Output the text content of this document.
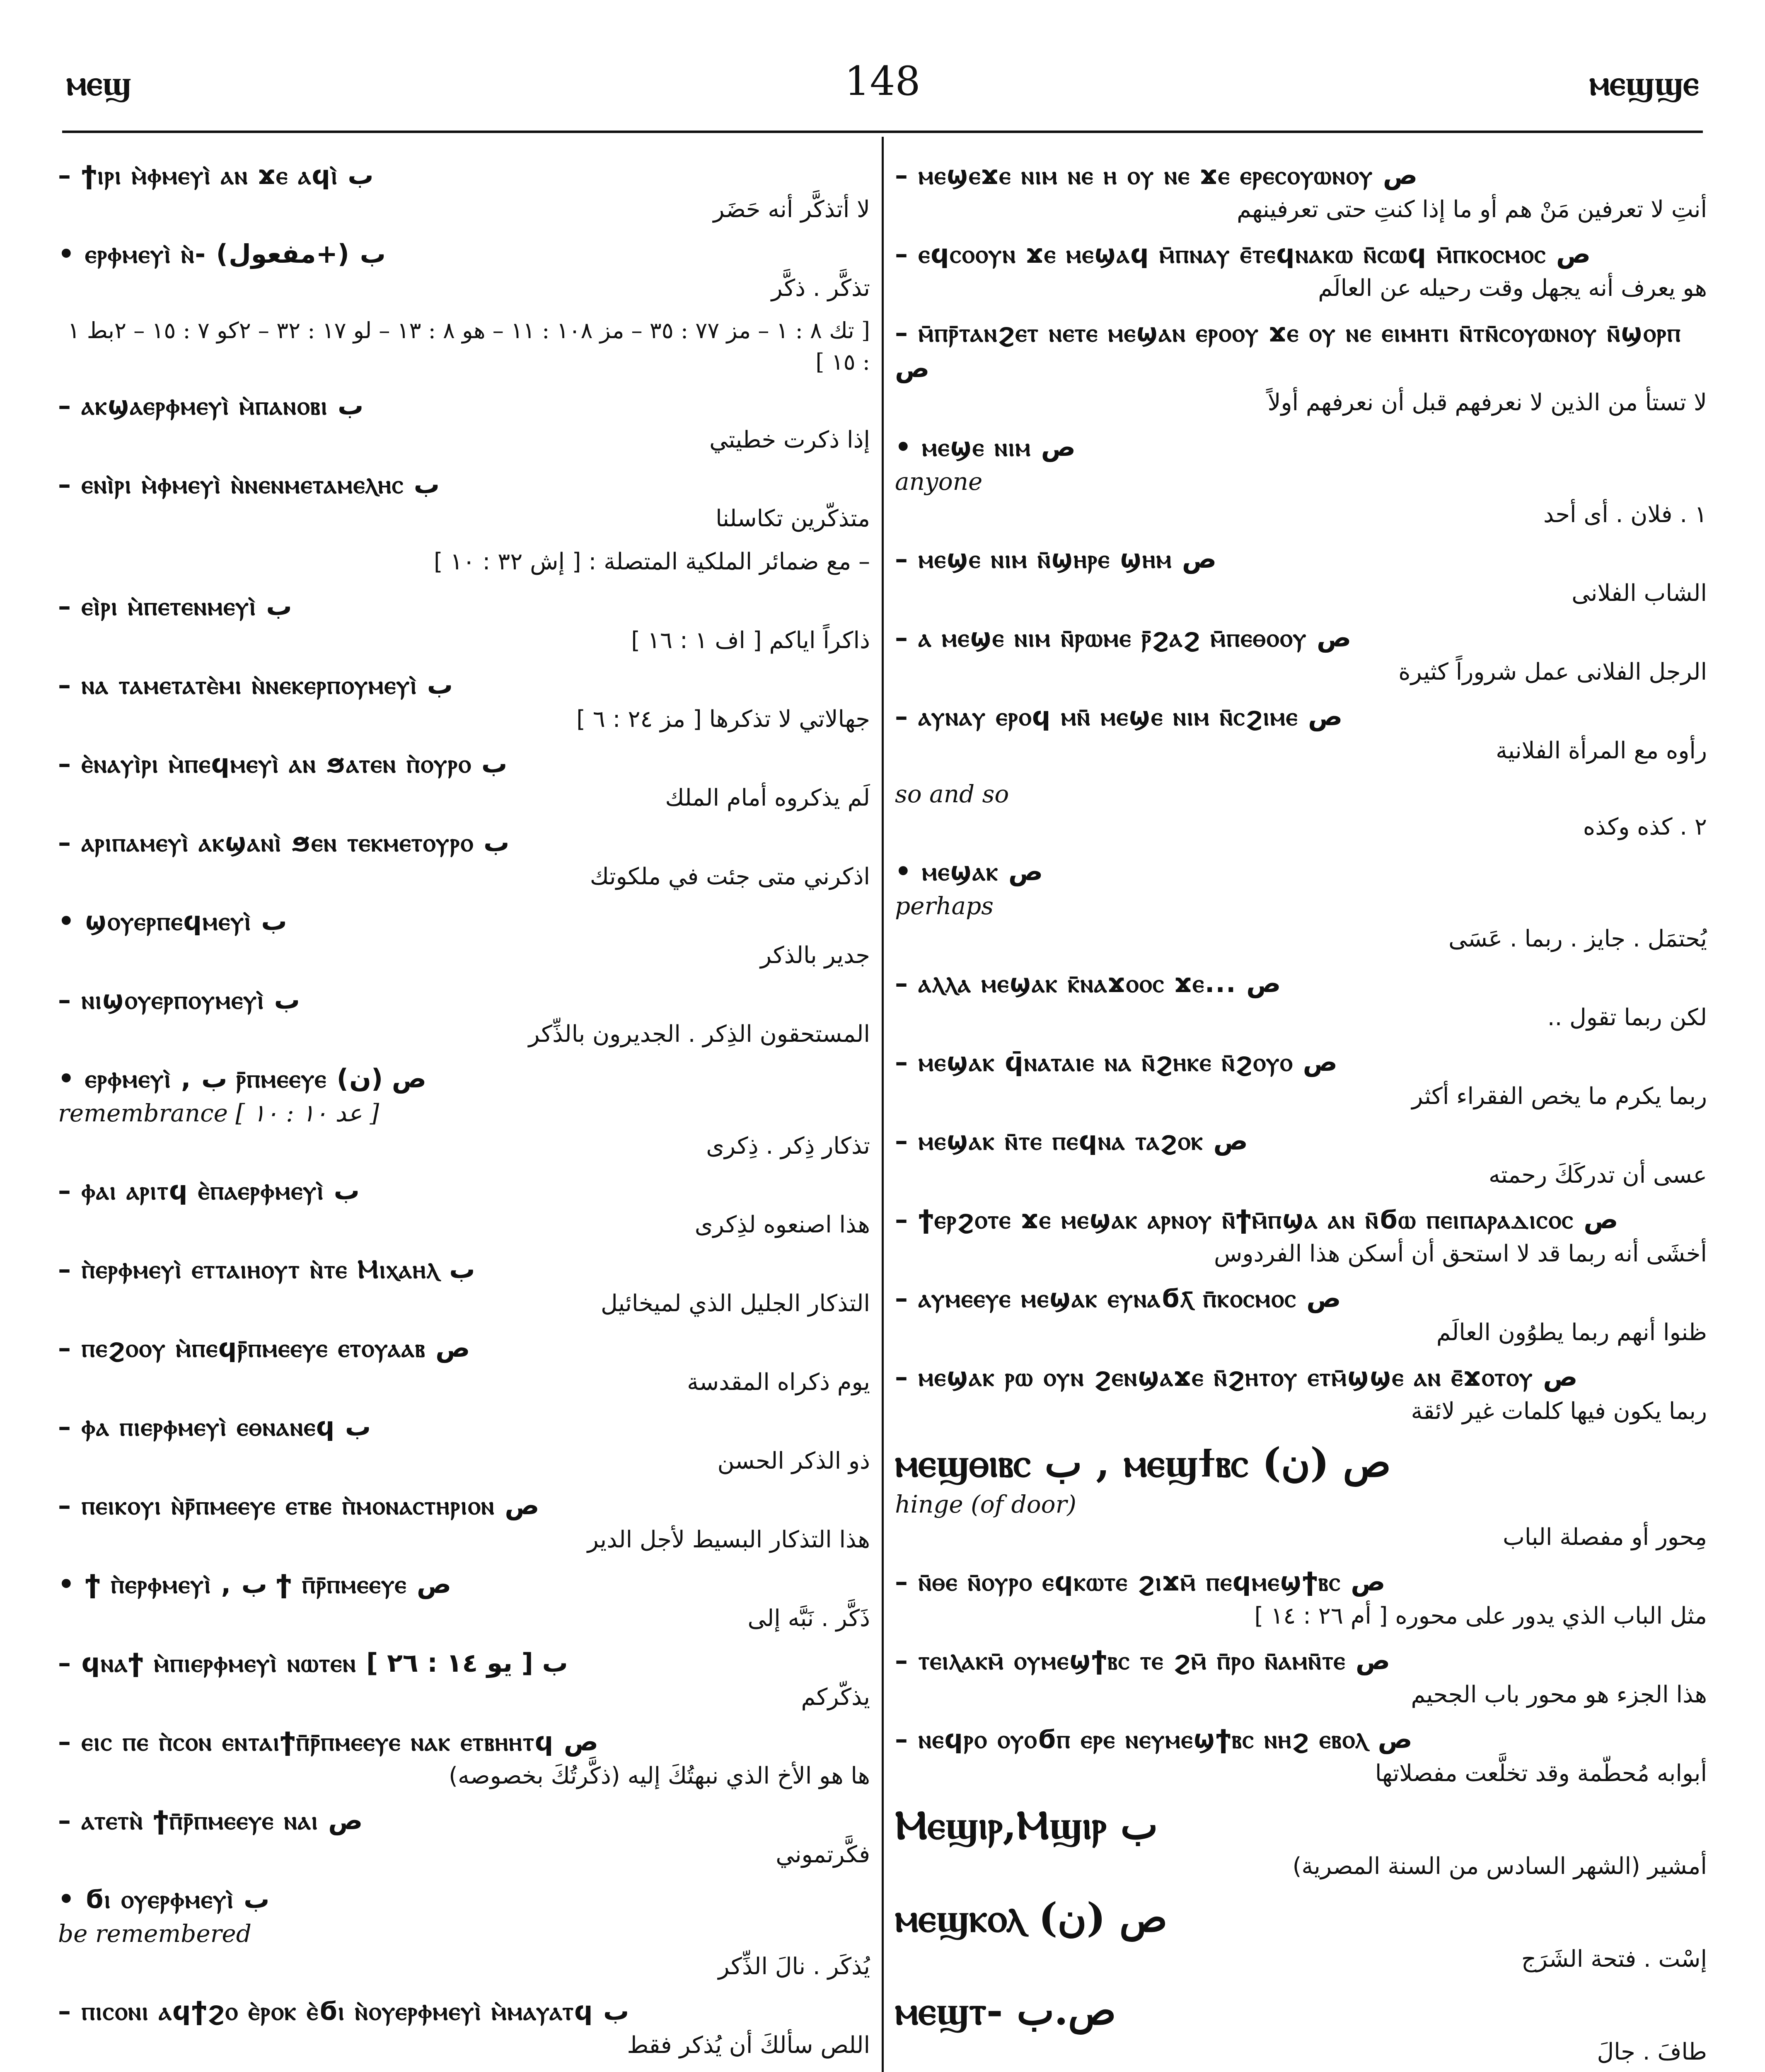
ⲙⲉϣ	148	ⲙⲉϣϣⲉ
– ϯⲓⲣⲓ ⲙ̀ⲫⲙⲉⲩⲓ̀ ⲁⲛ ϫⲉ ⲁϥⲓ̀ ب
لا أتذكَّر أنه حَضَر
• ⲉⲣⲫⲙⲉⲩⲓ̀ ⲛ̀- (مفعول+) ب
تذكَّر . ذكَّر
[ تك ٨ : ١ – مز ٧٧ : ٣٥ – مز ١٠٨ : ١١ – هو ٨ : ١٣ – لو ١٧ : ٣٢ – ٢كو ٧ : ١٥ – ٢بط ١ : ١٥ ]
– ⲁⲕϣⲁⲉⲣⲫⲙⲉⲩⲓ̀ ⲙ̀ⲡⲁⲛⲟⲃⲓ ب
إذا ذكرت خطيتي
– ⲉⲛⲓ̀ⲣⲓ ⲙ̀ⲫⲙⲉⲩⲓ̀ ⲛ̀ⲛⲉⲛⲙⲉⲧⲁⲙⲉⲗⲏⲥ ب
متذكّرين تكاسلنا
– مع ضمائر الملكية المتصلة : [ إش ٣٢ : ١٠ ]
– ⲉⲓ̀ⲣⲓ ⲙ̀ⲡⲉⲧⲉⲛⲙⲉⲩⲓ̀ ب
ذاكراً اياكم [ اف ١ : ١٦ ]
– ⲛⲁ ⲧⲁⲙⲉⲧⲁⲧⲉ̀ⲙⲓ ⲛ̀ⲛⲉⲕⲉⲣⲡⲟⲩⲙⲉⲩⲓ̀ ب
جهالاتي لا تذكرها [ مز ٢٤ : ٦ ]
– ⲉ̀ⲛⲁⲩⲓ̀ⲣⲓ ⲙ̀ⲡⲉϥⲙⲉⲩⲓ̀ ⲁⲛ ϧⲁⲧⲉⲛ ⲡ̀ⲟⲩⲣⲟ ب
لَم يذكروه أمام الملك
– ⲁⲣⲓⲡⲁⲙⲉⲩⲓ̀ ⲁⲕϣⲁⲛⲓ̀ ϧⲉⲛ ⲧⲉⲕⲙⲉⲧⲟⲩⲣⲟ ب
اذكرني متى جئت في ملكوتك
• ϣⲟⲩⲉⲣⲡⲉϥⲙⲉⲩⲓ̀ ب
جدير بالذكر
– ⲛⲓϣⲟⲩⲉⲣⲡⲟⲩⲙⲉⲩⲓ̀ ب
المستحقون الذِكر . الجديرون بالذِّكر
• ⲉⲣⲫⲙⲉⲩⲓ̀ , ب ⲣ̄ⲡⲙⲉⲉⲩⲉ (ص (ن
remembrance [ عد ١٠ : ١٠ ]
تذكار ذِكر . ذِكرى
– ⲫⲁⲓ ⲁⲣⲓⲧϥ ⲉ̀ⲡⲁⲉⲣⲫⲙⲉⲩⲓ̀ ب
هذا اصنعوه لذِكرى
– ⲡ̀ⲉⲣⲫⲙⲉⲩⲓ̀ ⲉⲧⲧⲁⲓⲏⲟⲩⲧ ⲛ̀ⲧⲉ Ⲙⲓⲭⲁⲏⲗ ب
التذكار الجليل الذي لميخائيل
– ⲡⲉϩⲟⲟⲩ ⲙ̀ⲡⲉϥⲣ̄ⲡⲙⲉⲉⲩⲉ ⲉⲧⲟⲩⲁⲁⲃ ص
يوم ذكراه المقدسة
– ⲫⲁ ⲡⲓⲉⲣⲫⲙⲉⲩⲓ̀ ⲉⲑⲛⲁⲛⲉϥ ب
ذو الذكر الحسن
– ⲡⲉⲓⲕⲟⲩⲓ ⲛ̀ⲣ̄ⲡⲙⲉⲉⲩⲉ ⲉⲧⲃⲉ ⲡ̀ⲙⲟⲛⲁⲥⲧⲏⲣⲓⲟⲛ ص
هذا التذكار البسيط لأجل الدير
• ϯ ⲡ̀ⲉⲣⲫⲙⲉⲩⲓ̀ , ب ϯ ⲡ̄ⲣ̄ⲡⲙⲉⲉⲩⲉ ص
ذَكَّر . نَبَّه إلى
– ϥⲛⲁϯ ⲙ̀ⲡⲓⲉⲣⲫⲙⲉⲩⲓ̀ ⲛⲱⲧⲉⲛ ب [ يو ١٤ : ٢٦ ]
يذكّركم
– ⲉⲓⲥ ⲡⲉ ⲡ̀ⲥⲟⲛ ⲉⲛⲧⲁⲓϯⲡ̄ⲣ̄ⲡⲙⲉⲉⲩⲉ ⲛⲁⲕ ⲉⲧⲃⲏⲏⲧϥ ص
ها هو الأخ الذي نبهتُكَ إليه (ذكَّرتُكَ بخصوصه)
– ⲁⲧⲉⲧⲛ̀ ϯⲡ̄ⲣ̄ⲡⲙⲉⲉⲩⲉ ⲛⲁⲓ ص
فكَّرتموني
• ϭⲓ ⲟⲩⲉⲣⲫⲙⲉⲩⲓ̀ ب
be remembered
يُذكَر . نالَ الذِّكر
– ⲡⲓⲥⲟⲛⲓ ⲁϥϯϩⲟ ⲉ̀ⲣⲟⲕ ⲉ̀ϭⲓ ⲛ̀ⲟⲩⲉⲣⲫⲙⲉⲩⲓ̀ ⲙ̀ⲙⲁⲩⲁⲧϥ ب
اللص سألكَ أن يُذكر فقط
– ⲙⲉϣⲉϫⲉ ⲛⲓⲙ ⲛⲉ ⲏ ⲟⲩ ⲛⲉ ϫⲉ ⲉⲣⲉⲥⲟⲩⲱⲛⲟⲩ ص
أنتِ لا تعرفين مَنْ هم أو ما إذا كنتِ حتى تعرفينهم
– ⲉϥⲥⲟⲟⲩⲛ ϫⲉ ⲙⲉϣⲁϥ ⲙ̄ⲡⲛⲁⲩ ⲉ̄ⲧⲉϥⲛⲁⲕⲱ ⲛ̄ⲥⲱϥ ⲙ̄ⲡⲕⲟⲥⲙⲟⲥ ص
هو يعرف أنه يجهل وقت رحيله عن العالَم
– ⲙ̄ⲡⲣ̄ⲧⲁⲛϩⲉⲧ ⲛⲉⲧⲉ ⲙⲉϣⲁⲛ ⲉⲣⲟⲟⲩ ϫⲉ ⲟⲩ ⲛⲉ ⲉⲓⲙⲏⲧⲓ ⲛ̄ⲧⲛ̄ⲥⲟⲩⲱⲛⲟⲩ ⲛ̄ϣⲟⲣⲡ ص
لا تستأ من الذين لا نعرفهم قبل أن نعرفهم أولاً
• ⲙⲉϣⲉ ⲛⲓⲙ ص
anyone
١ . فلان . أى أحد
– ⲙⲉϣⲉ ⲛⲓⲙ ⲛ̄ϣⲏⲣⲉ ϣⲏⲙ ص
الشاب الفلانى
– ⲁ ⲙⲉϣⲉ ⲛⲓⲙ ⲛ̄ⲣⲱⲙⲉ ⲣ̄ϩⲁϩ ⲙ̄ⲡⲉⲑⲟⲟⲩ ص
الرجل الفلانى عمل شروراً كثيرة
– ⲁⲩⲛⲁⲩ ⲉⲣⲟϥ ⲙⲛ̄ ⲙⲉϣⲉ ⲛⲓⲙ ⲛ̄ⲥϩⲓⲙⲉ ص
رأوه مع المرأة الفلانية
so and so
٢ . كذه وكذه
• ⲙⲉϣⲁⲕ ص
perhaps
يُحتمَل . جايز . ربما . عَسَى
– ⲁⲗⲗⲁ ⲙⲉϣⲁⲕ ⲕ̄ⲛⲁϫⲟⲟⲥ ϫⲉ... ص
لكن ربما تقول ..
– ⲙⲉϣⲁⲕ ϥ̄ⲛⲁⲧⲁⲓⲉ ⲛⲁ ⲛ̄ϩⲏⲕⲉ ⲛ̄ϩⲟⲩⲟ ص
ربما يكرم ما يخص الفقراء أكثر
– ⲙⲉϣⲁⲕ ⲛ̄ⲧⲉ ⲡⲉϥⲛⲁ ⲧⲁϩⲟⲕ ص
عسى أن تدركَكَ رحمته
– ϯⲉⲣϩⲟⲧⲉ ϫⲉ ⲙⲉϣⲁⲕ ⲁⲣⲛⲟⲩ ⲛ̄ϯⲙ̄ⲡϣⲁ ⲁⲛ ⲛ̄ϭⲱ ⲡⲉⲓⲡⲁⲣⲁⲇⲓⲥⲟⲥ ص
أخشَى أنه ربما قد لا استحق أن أسكن هذا الفردوس
– ⲁⲩⲙⲉⲉⲩⲉ ⲙⲉϣⲁⲕ ⲉⲩⲛⲁϭⲗ̄ ⲡ̄ⲕⲟⲥⲙⲟⲥ ص
ظنوا أنهم ربما يطوُون العالَم
– ⲙⲉϣⲁⲕ ⲣⲱ ⲟⲩⲛ ϩⲉⲛϣⲁϫⲉ ⲛ̄ϩⲏⲧⲟⲩ ⲉⲧⲙ̄ϣϣⲉ ⲁⲛ ⲉ̄ϫⲟⲧⲟⲩ ص
ربما يكون فيها كلمات غير لائقة
ⲙⲉϣⲑⲓⲃⲥ ب , ⲙⲉϣϯⲃⲥ ص (ن)
hinge (of door)
مِحور أو مفصلة الباب
– ⲛ̄ⲑⲉ ⲛ̄ⲟⲩⲣⲟ ⲉϥⲕⲱⲧⲉ ϩⲓϫⲙ̄ ⲡⲉϥⲙⲉϣϯⲃⲥ ص
مثل الباب الذي يدور على محوره [ أم ٢٦ : ١٤ ]
– ⲧⲉⲓⲗⲁⲕⲙ̄ ⲟⲩⲙⲉϣϯⲃⲥ ⲧⲉ ϩⲙ̄ ⲡ̄ⲣⲟ ⲛ̄ⲁⲙⲛ̄ⲧⲉ ص
هذا الجزء هو محور باب الجحيم
– ⲛⲉϥⲣⲟ ⲟⲩⲟϭⲡ ⲉⲣⲉ ⲛⲉⲩⲙⲉϣϯⲃⲥ ⲛⲏϩ ⲉⲃⲟⲗ ص
أبوابه مُحطّمة وقد تخلَّعت مفصلاتها
Ⲙⲉϣⲓⲣ,Ⲙϣⲓⲣ ب
أمشير (الشهر السادس من السنة المصرية)
ⲙⲉϣⲕⲟⲗ ص (ن)
إسْت . فتحة الشَرَج
ⲙⲉϣⲧ- ص.ب
طافَ . جالَ
